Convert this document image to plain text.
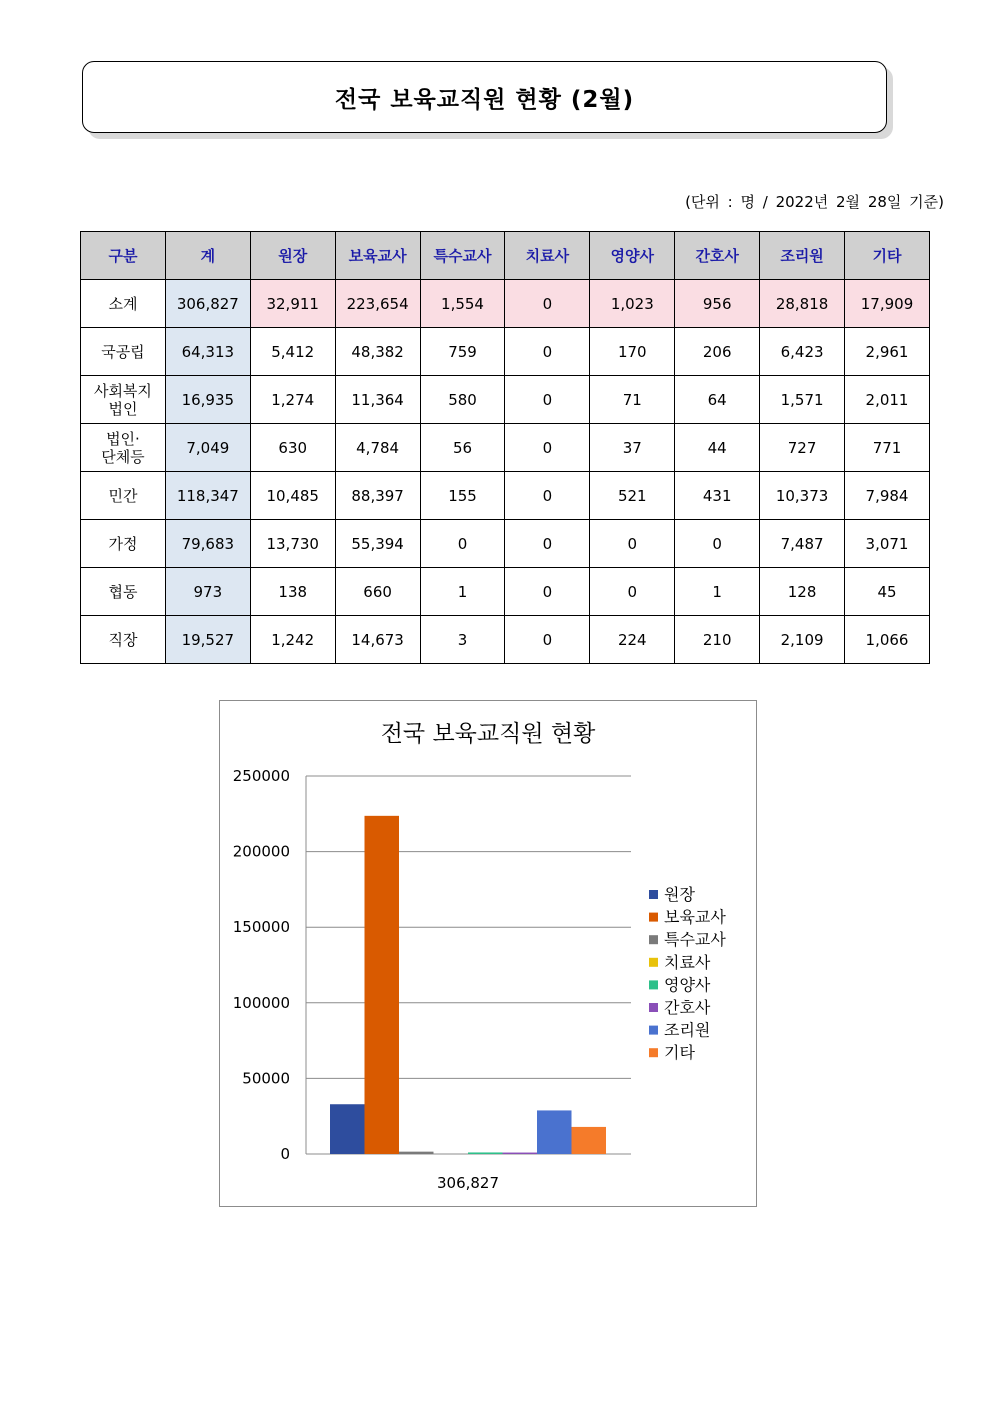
전국 보육교직원 현황 (2월)
(단위 : 명 / 2022년 2월 28일 기준)
구분	계	원장	보육교사	특수교사	치료사	영양사	간호사	조리원	기타
소계	306,827	32,911	223,654	1,554	0	1,023	956	28,818	17,909
국공립	64,313	5,412	48,382	759	0	170	206	6,423	2,961
사회복지
법인	16,935	1,274	11,364	580	0	71	64	1,571	2,011
법인·
단체등	7,049	630	4,784	56	0	37	44	727	771
민간	118,347	10,485	88,397	155	0	521	431	10,373	7,984
가정	79,683	13,730	55,394	0	0	0	0	7,487	3,071
협동	973	138	660	1	0	0	1	128	45
직장	19,527	1,242	14,673	3	0	224	210	2,109	1,066
전국 보육교직원 현황
0
50000
100000
150000
200000
250000
306,827
원장
보육교사
특수교사
치료사
영양사
간호사
조리원
기타
